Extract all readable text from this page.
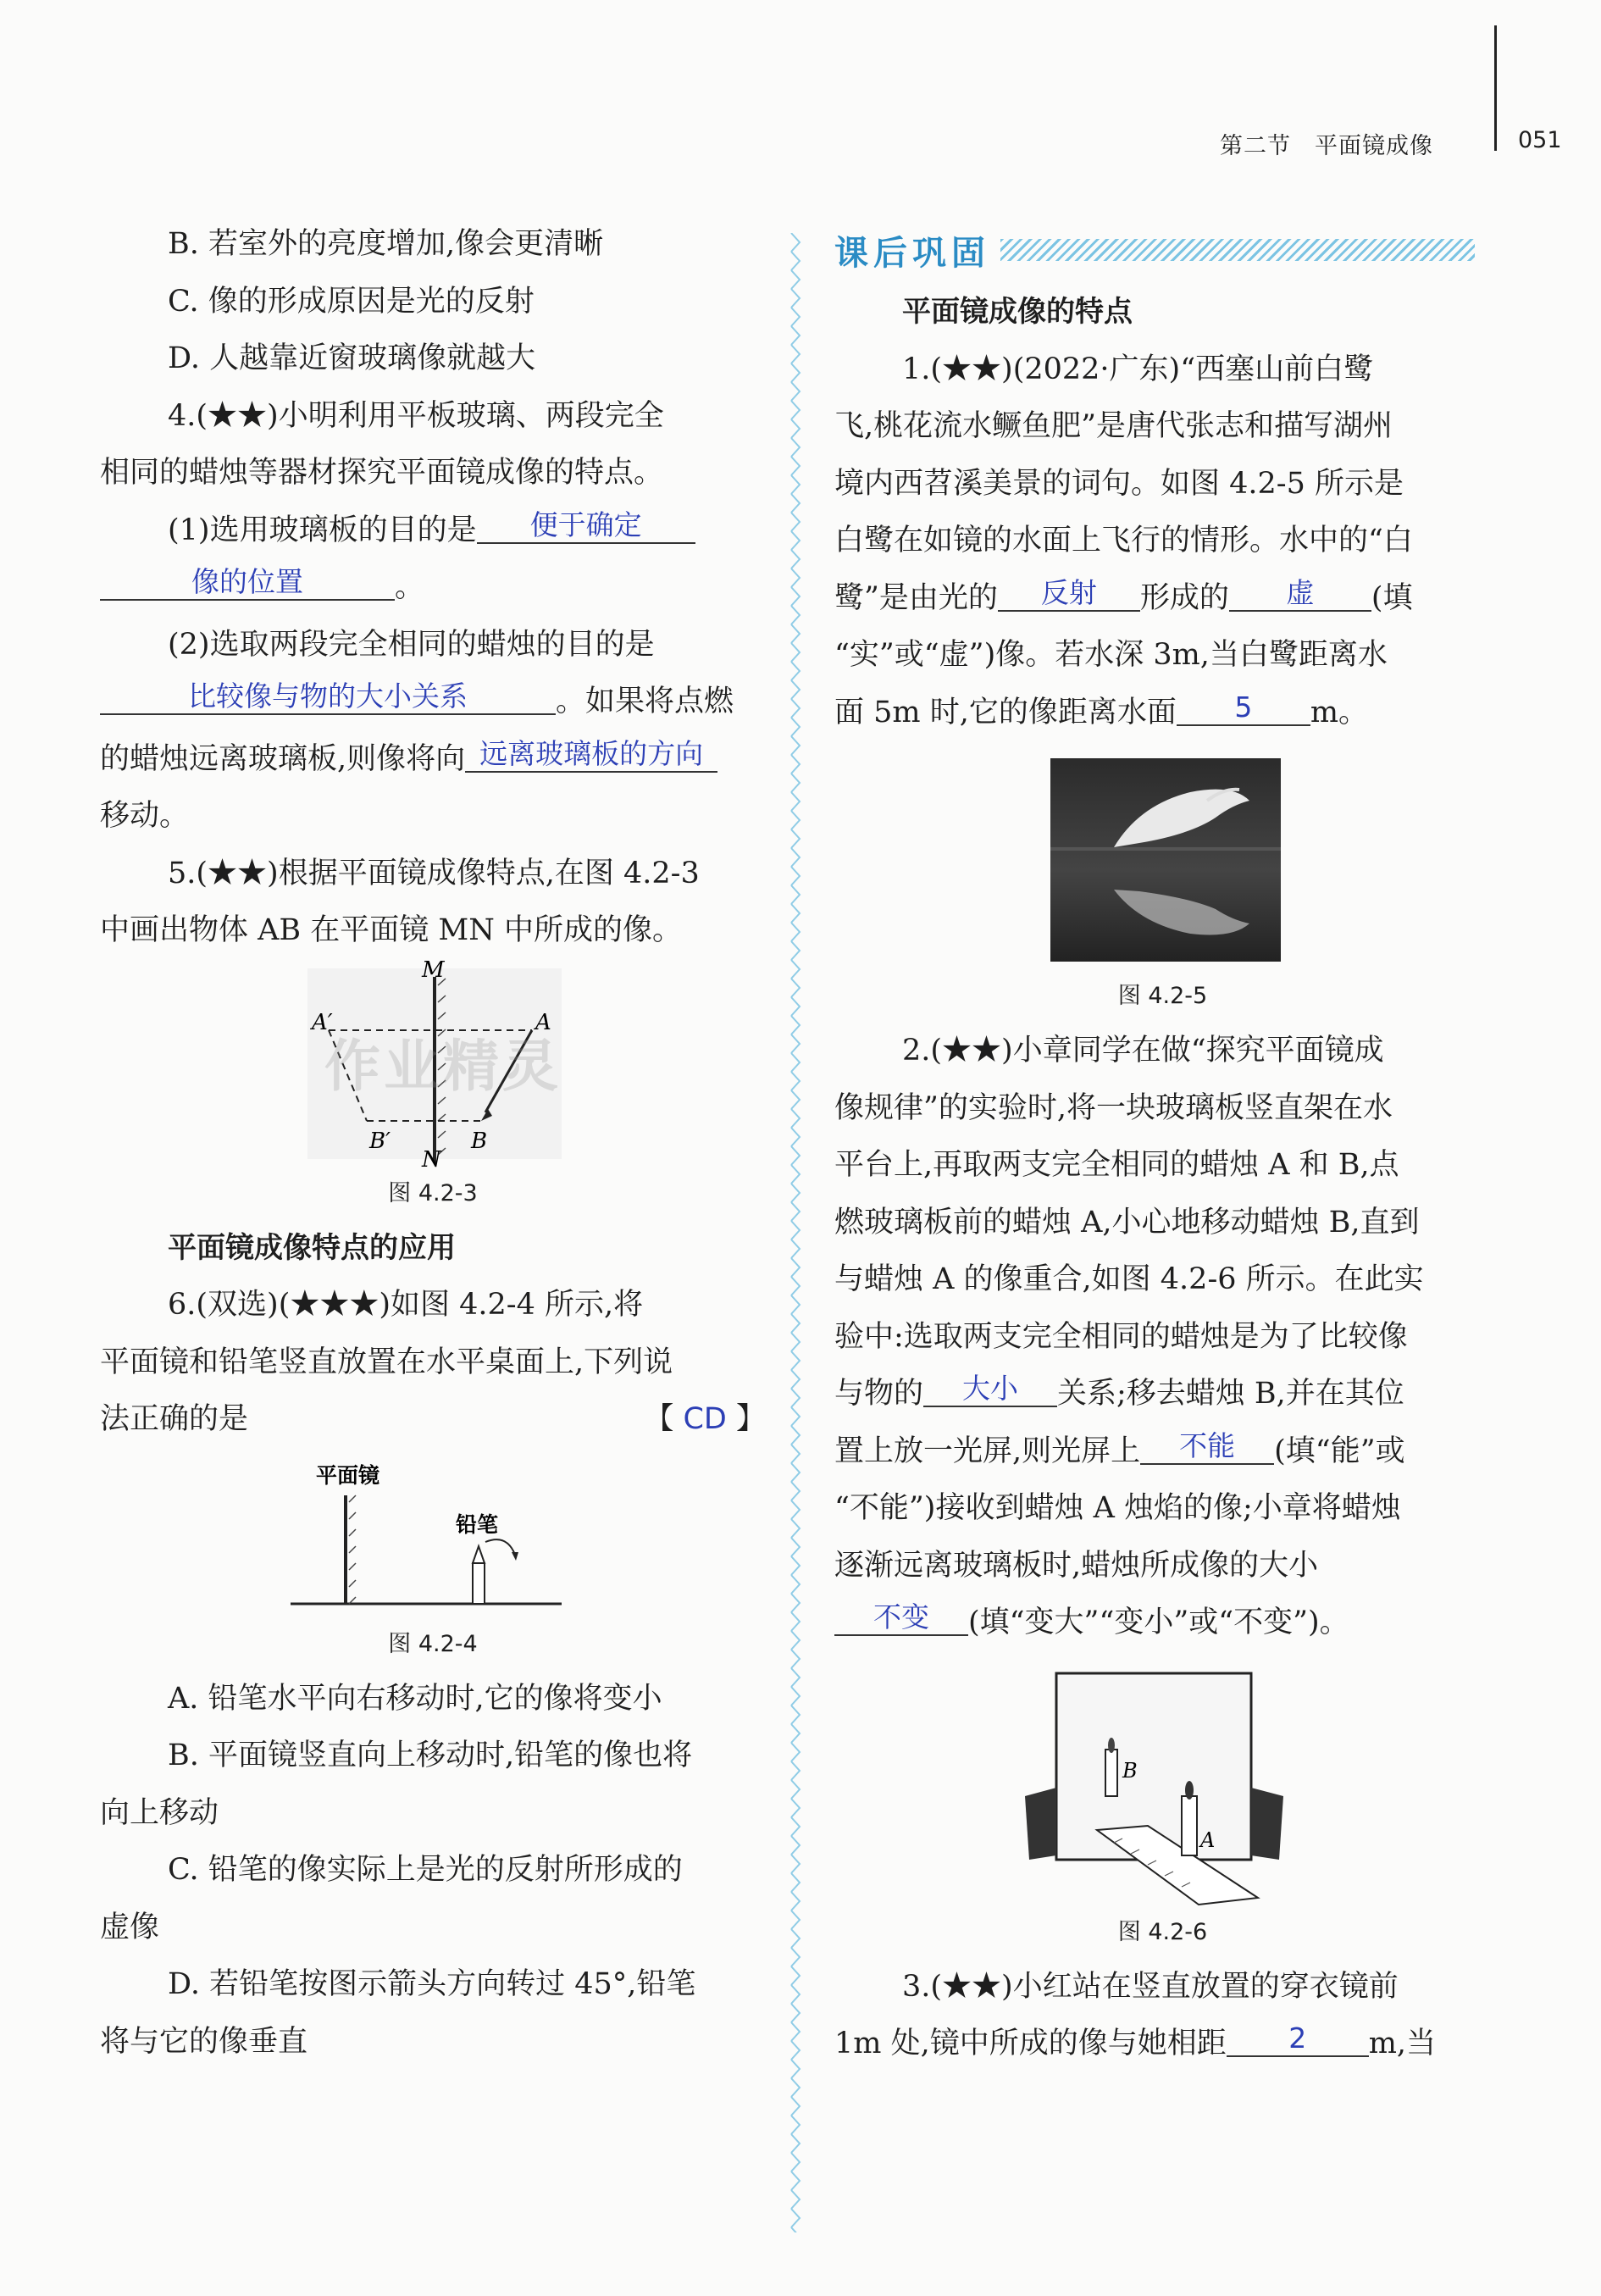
第二节　平面镜成像	051
B. 若室外的亮度增加,像会更清晰
C. 像的形成原因是光的反射
D. 人越靠近窗玻璃像就越大
4.(★★)小明利用平板玻璃、两段完全
相同的蜡烛等器材探究平面镜成像的特点。
(1)选用玻璃板的目的是 便于确定
像的位置	。
(2)选取两段完全相同的蜡烛的目的是
比较像与物的大小关系	。如果将点燃
的蜡烛远离玻璃板,则像将向 远离玻璃板的方向
移动。
5.(★★)根据平面镜成像特点,在图 4.2-3
中画出物体 AB 在平面镜 MN 中所成的像。
M
N
A′	A
B′	B
作业精灵
图 4.2-3
平面镜成像特点的应用
6.(双选)(★★★)如图 4.2-4 所示,将
平面镜和铅笔竖直放置在水平桌面上,下列说
法正确的是	【 CD 】
平面镜
铅笔
图 4.2-4
A. 铅笔水平向右移动时,它的像将变小
B. 平面镜竖直向上移动时,铅笔的像也将
向上移动
C. 铅笔的像实际上是光的反射所形成的
虚像
D. 若铅笔按图示箭头方向转过 45°,铅笔
将与它的像垂直
课后巩固
平面镜成像的特点
1.(★★)(2022·广东)“西塞山前白鹭
飞,桃花流水鳜鱼肥”是唐代张志和描写湖州
境内西苕溪美景的词句。如图 4.2-5 所示是
白鹭在如镜的水面上飞行的情形。水中的“白
鹭”是由光的 反射 形成的 虚 (填
“实”或“虚”)像。若水深 3m,当白鹭距离水
面 5m 时,它的像距离水面 5 m。
图 4.2-5
2.(★★)小章同学在做“探究平面镜成
像规律”的实验时,将一块玻璃板竖直架在水
平台上,再取两支完全相同的蜡烛 A 和 B,点
燃玻璃板前的蜡烛 A,小心地移动蜡烛 B,直到
与蜡烛 A 的像重合,如图 4.2-6 所示。在此实
验中:选取两支完全相同的蜡烛是为了比较像
与物的 大小 关系;移去蜡烛 B,并在其位
置上放一光屏,则光屏上 不能 (填“能”或
“不能”)接收到蜡烛 A 烛焰的像;小章将蜡烛
逐渐远离玻璃板时,蜡烛所成像的大小
不变 (填“变大”“变小”或“不变”)。
B
A
图 4.2-6
3.(★★)小红站在竖直放置的穿衣镜前
1m 处,镜中所成的像与她相距 2 m,当
